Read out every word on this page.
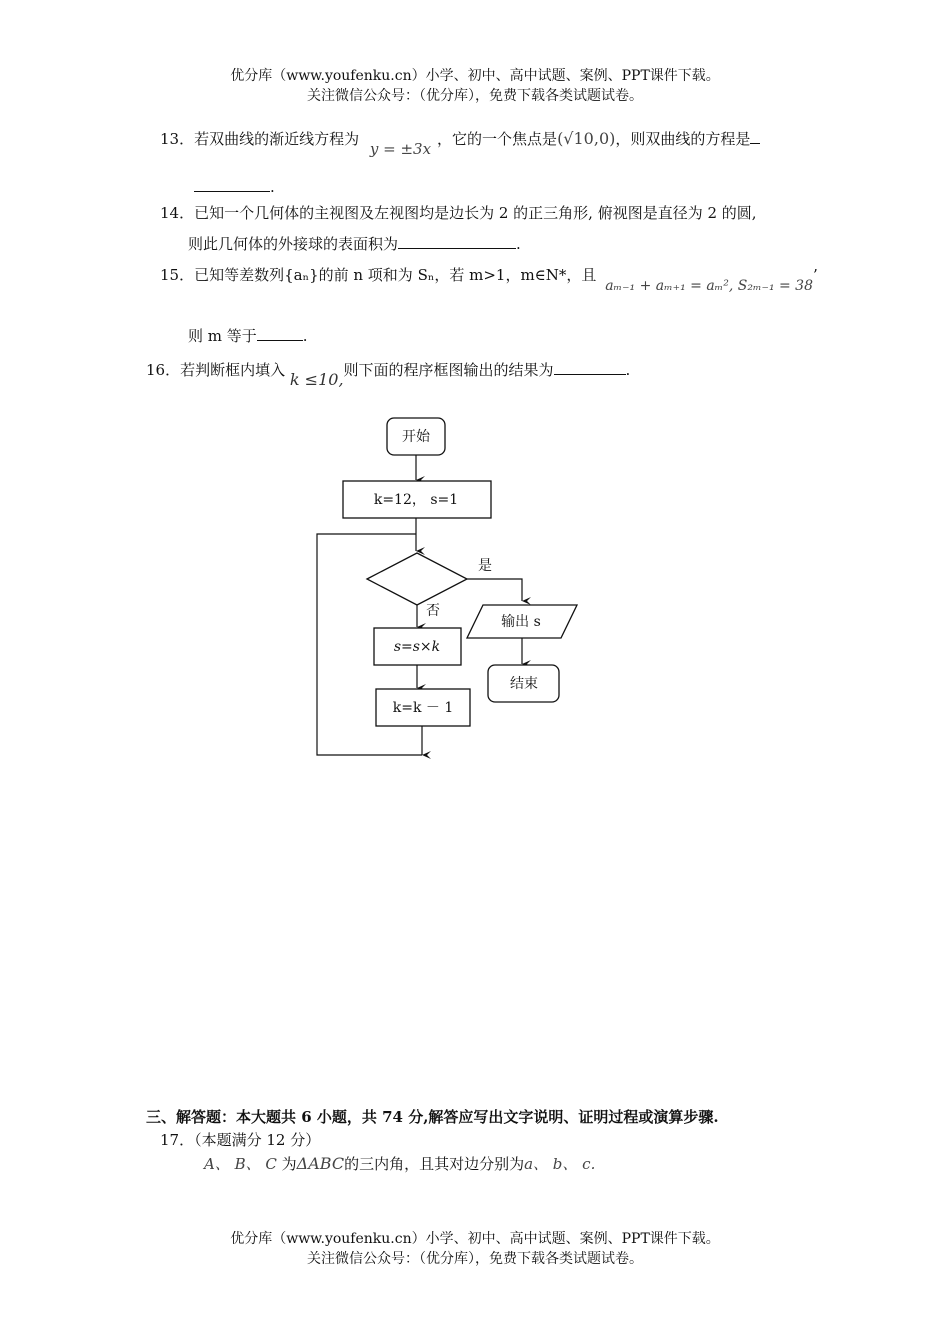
优分库（www.youfenku.cn）小学、初中、高中试题、案例、PPT课件下载。
关注微信公众号：（优分库），免费下载各类试题试卷。
13．若双曲线的渐近线方程为 y = ±3x，它的一个焦点是(√10,0)，则双曲线的方程是
.
14．已知一个几何体的主视图及左视图均是边长为 2 的正三角形, 俯视图是直径为 2 的圆,
则此几何体的外接球的表面积为	.
15．已知等差数列{aₙ}的前 n 项和为 Sₙ，若 m>1，m∈N*，且 aₘ₋₁ + aₘ₊₁ = aₘ², S₂ₘ₋₁ = 38’
则 m 等于	.
16．若判断框内填入 k ≤10,则下面的程序框图输出的结果为	.
开始
k=12， s=1
是
否
输出 s
结束
s=s×k
k=k － 1
三、解答题：本大题共 6 小题，共 74 分,解答应写出文字说明、证明过程或演算步骤.
17．（本题满分 12 分）
A、 B、 C 为ΔABC的三内角，且其对边分别为a、 b、 c.
优分库（www.youfenku.cn）小学、初中、高中试题、案例、PPT课件下载。
关注微信公众号：（优分库），免费下载各类试题试卷。
